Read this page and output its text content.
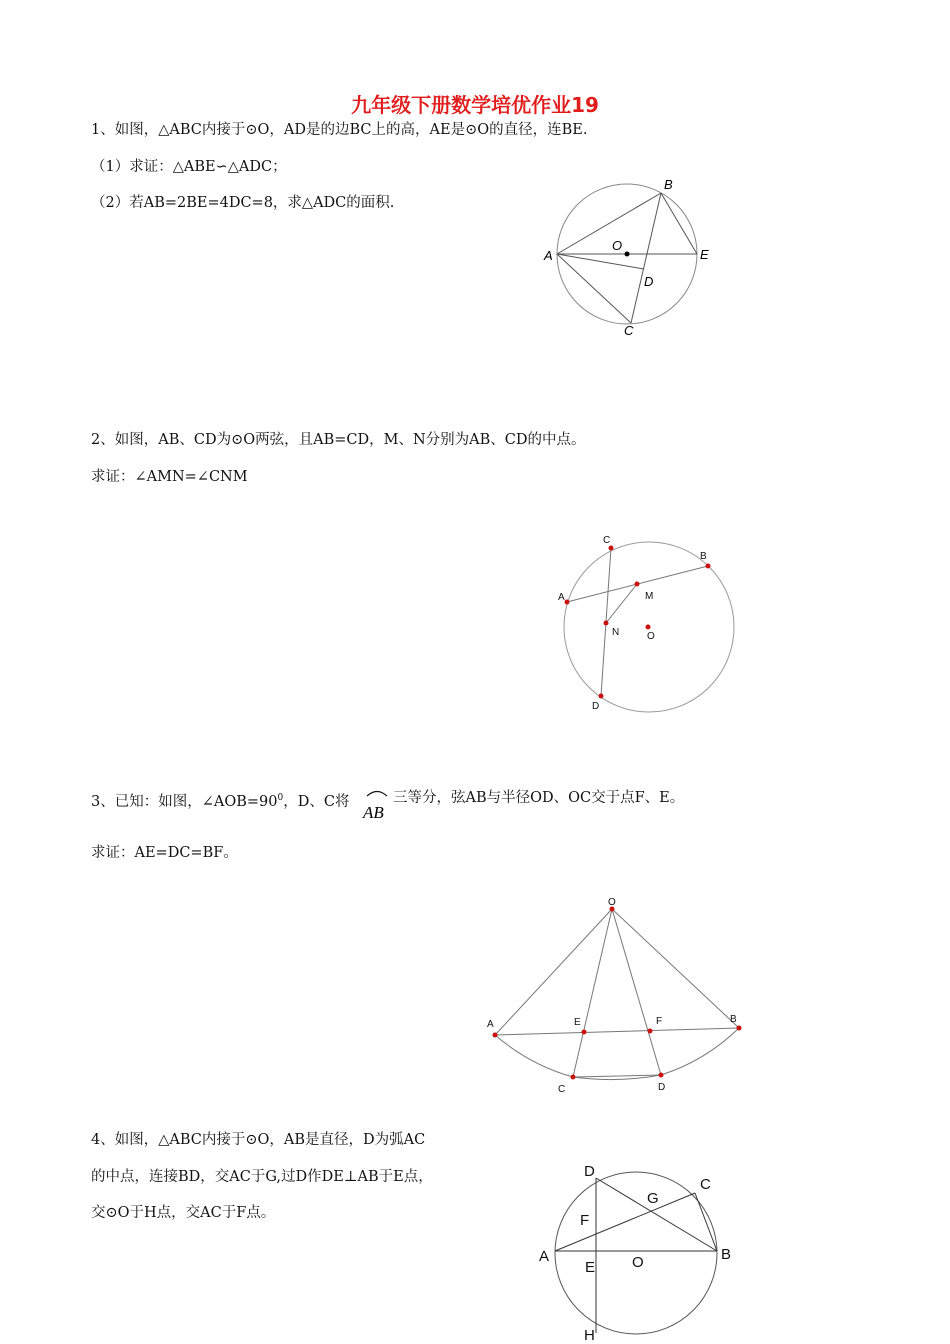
九年级下册数学培优作业19
1、如图，△ABC内接于⊙O，AD是的边BC上的高，AE是⊙O的直径，连BE.
（1）求证：△ABE∽△ADC；
（2）若AB=2BE=4DC=8，求△ADC的面积.
A
B
C
D
E
O
2、如图，AB、CD为⊙O两弦，且AB=CD，M、N分别为AB、CD的中点。
求证：∠AMN=∠CNM
A
B
C
D
M
N	O
3、已知：如图，$\angle AOB=90^0$，D、C将
AB
三等分，弦AB与半径OD、OC交于点F、E。
求证：AE=DC=BF。
O
A	B
C	D
E	F
4、如图，△ABC内接于⊙O，AB是直径，D为弧AC
的中点，连接BD，交AC于G,过D作DE⊥AB于E点，
交⊙O于H点，交AC于F点。
D
C
G
F
A	O	B
E
H
